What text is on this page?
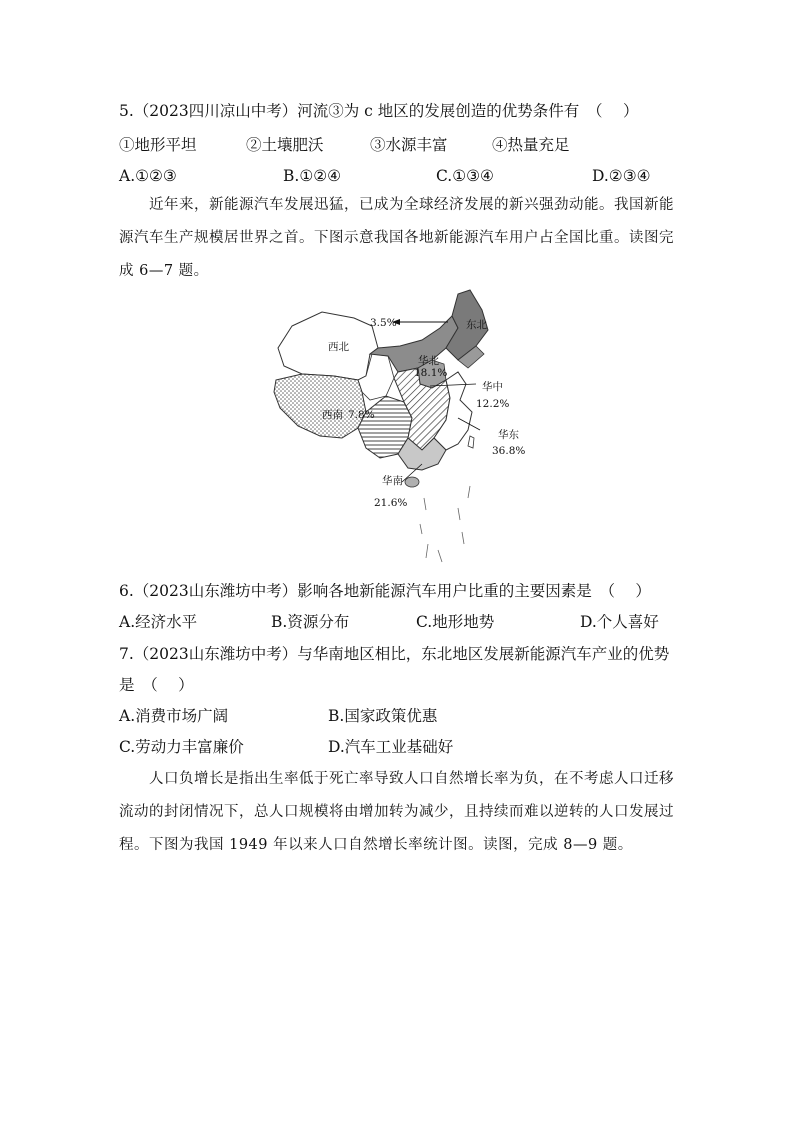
5.（2023四川凉山中考）河流③为 c 地区的发展创造的优势条件有　（　 ）
①地形平坦	②土壤肥沃	③水源丰富	④热量充足
A.①②③	B.①②④	C.①③④	D.②③④
近年来，新能源汽车发展迅猛，已成为全球经济发展的新兴强劲动能。我国新能源汽车生产规模居世界之首。下图示意我国各地新能源汽车用户占全国比重。读图完成 6—7 题。
3.5%
西北
东北
华北
18.1%
华中
12.2%
华东
36.8%
华南
21.6%
西南 7.8%
6.（2023山东潍坊中考）影响各地新能源汽车用户比重的主要因素是　（　 ）
A.经济水平	B.资源分布	C.地形地势	D.个人喜好
7.（2023山东潍坊中考）与华南地区相比，东北地区发展新能源汽车产业的优势
是　（　 ）
A.消费市场广阔	B.国家政策优惠
C.劳动力丰富廉价	D.汽车工业基础好
人口负增长是指出生率低于死亡率导致人口自然增长率为负，在不考虑人口迁移流动的封闭情况下，总人口规模将由增加转为减少，且持续而难以逆转的人口发展过程。下图为我国 1949 年以来人口自然增长率统计图。读图，完成 8—9 题。
